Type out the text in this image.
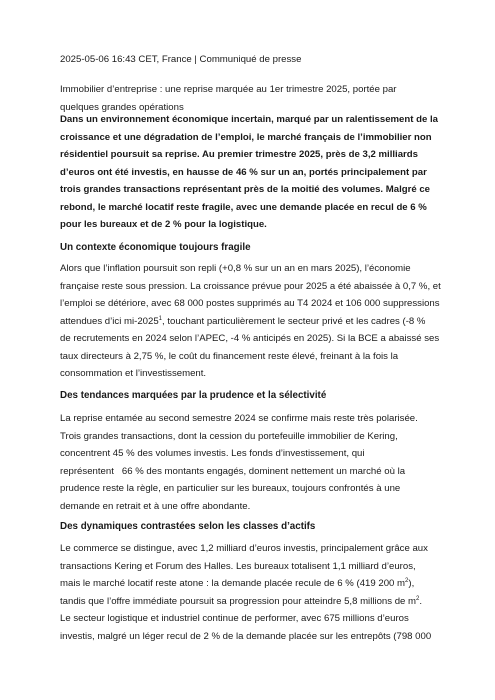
2025-05-06 16:43 CET, France | Communiqué de presse
Immobilier d’entreprise : une reprise marquée au 1er trimestre 2025, portée par
quelques grandes opérations
Dans un environnement économique incertain, marqué par un ralentissement de la
croissance et une dégradation de l’emploi, le marché français de l’immobilier non
résidentiel poursuit sa reprise. Au premier trimestre 2025, près de 3,2 milliards
d’euros ont été investis, en hausse de 46 % sur un an, portés principalement par
trois grandes transactions représentant près de la moitié des volumes. Malgré ce
rebond, le marché locatif reste fragile, avec une demande placée en recul de 6 %
pour les bureaux et de 2 % pour la logistique.
Un contexte économique toujours fragile
Alors que l’inflation poursuit son repli (+0,8 % sur un an en mars 2025), l’économie
française reste sous pression. La croissance prévue pour 2025 a été abaissée à 0,7 %, et
l’emploi se détériore, avec 68 000 postes supprimés au T4 2024 et 106 000 suppressions
attendues d’ici mi-2025$^1$, touchant particulièrement le secteur privé et les cadres (-8 %
de recrutements en 2024 selon l’APEC, -4 % anticipés en 2025). Si la BCE a abaissé ses
taux directeurs à 2,75 %, le coût du financement reste élevé, freinant à la fois la
consommation et l’investissement.
Des tendances marquées par la prudence et la sélectivité
La reprise entamée au second semestre 2024 se confirme mais reste très polarisée.
Trois grandes transactions, dont la cession du portefeuille immobilier de Kering,
concentrent 45 % des volumes investis. Les fonds d’investissement, qui
représentent   66 % des montants engagés, dominent nettement un marché où la
prudence reste la règle, en particulier sur les bureaux, toujours confrontés à une
demande en retrait et à une offre abondante.
Des dynamiques contrastées selon les classes d’actifs
Le commerce se distingue, avec 1,2 milliard d’euros investis, principalement grâce aux
transactions Kering et Forum des Halles. Les bureaux totalisent 1,1 milliard d’euros,
mais le marché locatif reste atone : la demande placée recule de 6 % (419 200 $m^2$),
tandis que l’offre immédiate poursuit sa progression pour atteindre 5,8 millions de $m^2$.
Le secteur logistique et industriel continue de performer, avec 675 millions d’euros
investis, malgré un léger recul de 2 % de la demande placée sur les entrepôts (798 000
